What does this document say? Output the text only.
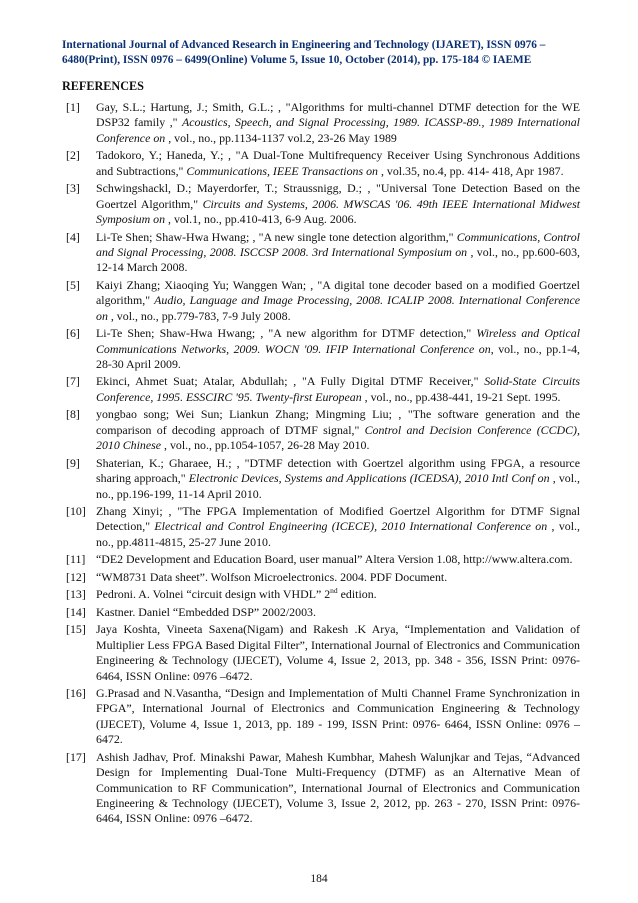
International Journal of Advanced Research in Engineering and Technology (IJARET), ISSN 0976 –
6480(Print), ISSN 0976 – 6499(Online) Volume 5, Issue 10, October (2014), pp. 175-184 © IAEME
REFERENCES
[1]	Gay, S.L.; Hartung, J.; Smith, G.L.; , "Algorithms for multi-channel DTMF detection for the WE DSP32 family ," Acoustics, Speech, and Signal Processing, 1989. ICASSP-89., 1989 International Conference on , vol., no., pp.1134-1137 vol.2, 23-26 May 1989
[2]	Tadokoro, Y.; Haneda, Y.; , "A Dual-Tone Multifrequency Receiver Using Synchronous Additions and Subtractions," Communications, IEEE Transactions on , vol.35, no.4, pp. 414- 418, Apr 1987.
[3]	Schwingshackl, D.; Mayerdorfer, T.; Straussnigg, D.; , "Universal Tone Detection Based on the Goertzel Algorithm," Circuits and Systems, 2006. MWSCAS '06. 49th IEEE International Midwest Symposium on , vol.1, no., pp.410-413, 6-9 Aug. 2006.
[4]	Li-Te Shen; Shaw-Hwa Hwang; , "A new single tone detection algorithm," Communications, Control and Signal Processing, 2008. ISCCSP 2008. 3rd International Symposium on , vol., no., pp.600-603, 12-14 March 2008.
[5]	Kaiyi Zhang; Xiaoqing Yu; Wanggen Wan; , "A digital tone decoder based on a modified Goertzel algorithm," Audio, Language and Image Processing, 2008. ICALIP 2008. International Conference on , vol., no., pp.779-783, 7-9 July 2008.
[6]	Li-Te Shen; Shaw-Hwa Hwang; , "A new algorithm for DTMF detection," Wireless and Optical Communications Networks, 2009. WOCN '09. IFIP International Conference on, vol., no., pp.1-4, 28-30 April 2009.
[7]	Ekinci, Ahmet Suat; Atalar, Abdullah; , "A Fully Digital DTMF Receiver," Solid-State Circuits Conference, 1995. ESSCIRC '95. Twenty-first European , vol., no., pp.438-441, 19-21 Sept. 1995.
[8]	yongbao song; Wei Sun; Liankun Zhang; Mingming Liu; , "The software generation and the comparison of decoding approach of DTMF signal," Control and Decision Conference (CCDC), 2010 Chinese , vol., no., pp.1054-1057, 26-28 May 2010.
[9]	Shaterian, K.; Gharaee, H.; , "DTMF detection with Goertzel algorithm using FPGA, a resource sharing approach," Electronic Devices, Systems and Applications (ICEDSA), 2010 Intl Conf on , vol., no., pp.196-199, 11-14 April 2010.
[10] Zhang Xinyi; , "The FPGA Implementation of Modified Goertzel Algorithm for DTMF Signal Detection," Electrical and Control Engineering (ICECE), 2010 International Conference on , vol., no., pp.4811-4815, 25-27 June 2010.
[11] “DE2 Development and Education Board, user manual” Altera Version 1.08, http://www.altera.com.
[12] “WM8731 Data sheet”. Wolfson Microelectronics. 2004. PDF Document.
[13] Pedroni. A. Volnei “circuit design with VHDL” 2nd edition.
[14] Kastner. Daniel “Embedded DSP” 2002/2003.
[15] Jaya Koshta, Vineeta Saxena(Nigam) and Rakesh .K Arya, “Implementation and Validation of Multiplier Less FPGA Based Digital Filter”, International Journal of Electronics and Communication Engineering & Technology (IJECET), Volume 4, Issue 2, 2013, pp. 348 - 356, ISSN Print: 0976- 6464, ISSN Online: 0976 –6472.
[16] G.Prasad and N.Vasantha, “Design and Implementation of Multi Channel Frame Synchronization in FPGA”, International Journal of Electronics and Communication Engineering & Technology (IJECET), Volume 4, Issue 1, 2013, pp. 189 - 199, ISSN Print: 0976- 6464, ISSN Online: 0976 –6472.
[17] Ashish Jadhav, Prof. Minakshi Pawar, Mahesh Kumbhar, Mahesh Walunjkar and Tejas, “Advanced Design for Implementing Dual-Tone Multi-Frequency (DTMF) as an Alternative Mean of Communication to RF Communication”, International Journal of Electronics and Communication Engineering & Technology (IJECET), Volume 3, Issue 2, 2012, pp. 263 - 270, ISSN Print: 0976- 6464, ISSN Online: 0976 –6472.
184
